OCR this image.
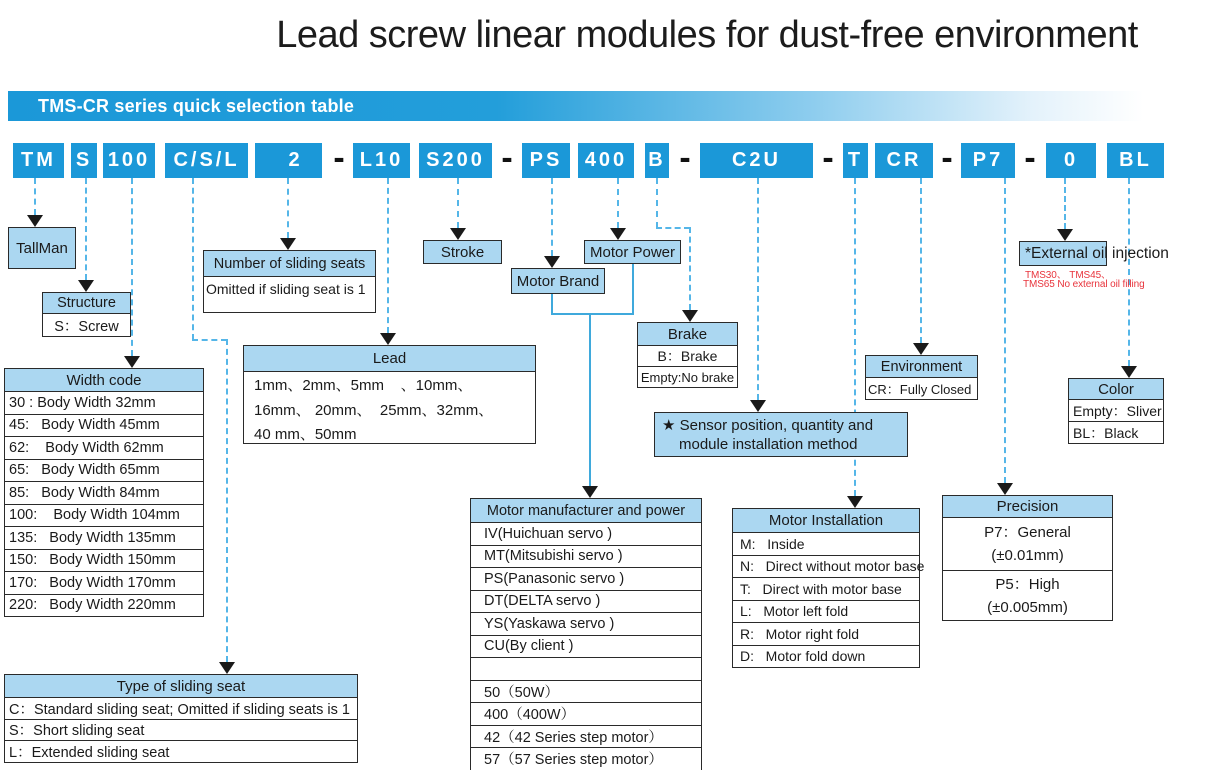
Lead screw linear modules for dust-free environment
TMS-CR series quick selection table
TM S 100	C/S/L	2 - L10	S200 - PS	400	B -	C2U	- T	CR -	P7 -	0	BL
TallMan
Structure
S：Screw
Width code
30 : Body Width 32mm
45:   Body Width 45mm
62:    Body Width 62mm
65:   Body Width 65mm
85:   Body Width 84mm
100:    Body Width 104mm
135:   Body Width 135mm
150:   Body Width 150mm
170:   Body Width 170mm
220:   Body Width 220mm
Type of sliding seat
C：Standard sliding seat; Omitted if sliding seats is 1
S：Short sliding seat
L：Extended sliding seat
Number of sliding seats
Omitted if sliding seat is 1
Lead
1mm、2mm、5mm    、10mm、
16mm、 20mm、  25mm、32mm、
40 mm、50mm
Stroke
Motor Brand
Motor Power
Brake
B：Brake
Empty:No brake
★ Sensor position, quantity and
module installation method
Motor manufacturer and power
IV(Huichuan servo )
MT(Mitsubishi servo )
PS(Panasonic servo )
DT(DELTA servo )
YS(Yaskawa servo )
CU(By client )
50（50W）
400（400W）
42（42 Series step motor）
57（57 Series step motor）
Motor Installation
M:   Inside
N:   Direct without motor base
T:   Direct with motor base
L:   Motor left fold
R:   Motor right fold
D:   Motor fold down
Environment
CR：Fully Closed
Precision
P7：General
(±0.01mm)
P5：High
(±0.005mm)
*External oil injection
TMS30、 TMS45、
TMS65 No external oil filling
Color
Empty：Sliver
BL：Black
